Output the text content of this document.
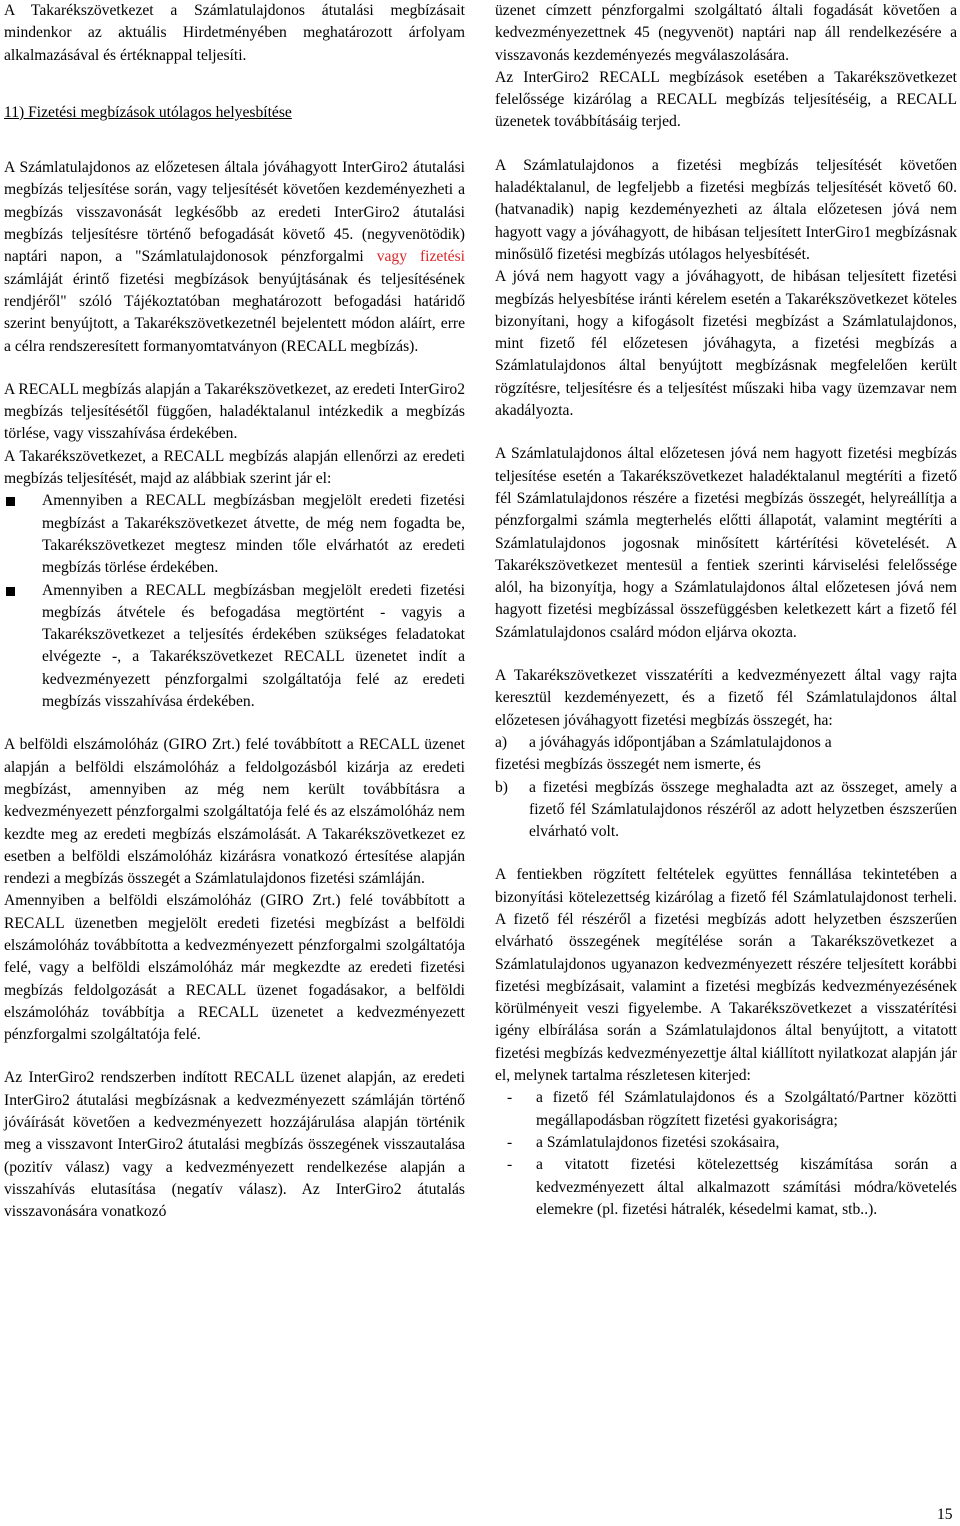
A Takarékszövetkezet a Számlatulajdonos átutalási megbízásait mindenkor az aktuális Hirdetményében meghatározott árfolyam alkalmazásával és értéknappal teljesíti.

11) Fizetési megbízások utólagos helyesbítése

A Számlatulajdonos az előzetesen általa jóváhagyott InterGiro2 átutalási megbízás teljesítése során, vagy teljesítését követően kezdeményezheti a megbízás visszavonását legkésőbb az eredeti InterGiro2 átutalási megbízás teljesítésre történő befogadását követő 45. (negyvenötödik) naptári napon, a "Számlatulajdonosok pénzforgalmi vagy fizetési számláját érintő fizetési megbízások benyújtásának és teljesítésének rendjéről" szóló Tájékoztatóban meghatározott befogadási határidő szerint benyújtott, a Takarékszövetkezetnél bejelentett módon aláírt, erre a célra rendszeresített formanyomtatványon (RECALL megbízás).

A RECALL megbízás alapján a Takarékszövetkezet, az eredeti InterGiro2 megbízás teljesítésétől függően, haladéktalanul intézkedik a megbízás törlése, vagy visszahívása érdekében.

A Takarékszövetkezet, a RECALL megbízás alapján ellenőrzi az eredeti megbízás teljesítését, majd az alábbiak szerint jár el:

Amennyiben a RECALL megbízásban megjelölt eredeti fizetési megbízást a Takarékszövetkezet átvette, de még nem fogadta be, Takarékszövetkezet megtesz minden tőle elvárhatót az eredeti megbízás törlése érdekében.
Amennyiben a RECALL megbízásban megjelölt eredeti fizetési megbízás átvétele és befogadása megtörtént - vagyis a Takarékszövetkezet a teljesítés érdekében szükséges feladatokat elvégezte -, a Takarékszövetkezet RECALL üzenetet indít a kedvezményezett pénzforgalmi szolgáltatója felé az eredeti megbízás visszahívása érdekében.

A belföldi elszámolóház (GIRO Zrt.) felé továbbított a RECALL üzenet alapján a belföldi elszámolóház a feldolgozásból kizárja az eredeti megbízást, amennyiben az még nem került továbbításra a kedvezményezett pénzforgalmi szolgáltatója felé és az elszámolóház nem kezdte meg az eredeti megbízás elszámolását. A Takarékszövetkezet ez esetben a belföldi elszámolóház kizárásra vonatkozó értesítése alapján rendezi a megbízás összegét a Számlatulajdonos fizetési számláján.

Amennyiben a belföldi elszámolóház (GIRO Zrt.) felé továbbított a RECALL üzenetben megjelölt eredeti fizetési megbízást a belföldi elszámolóház továbbította a kedvezményezett pénzforgalmi szolgáltatója felé, vagy a belföldi elszámolóház már megkezdte az eredeti fizetési megbízás feldolgozását a RECALL üzenet fogadásakor, a belföldi elszámolóház továbbítja a RECALL üzenetet a kedvezményezett pénzforgalmi szolgáltatója felé.

Az InterGiro2 rendszerben indított RECALL üzenet alapján, az eredeti InterGiro2 átutalási megbízásnak a kedvezményezett számláján történő jóváírását követően a kedvezményezett hozzájárulása alapján történik meg a visszavont InterGiro2 átutalási megbízás összegének visszautalása (pozitív válasz) vagy a kedvezményezett rendelkezése alapján a visszahívás elutasítása (negatív válasz). Az InterGiro2 átutalás visszavonására vonatkozó

üzenet címzett pénzforgalmi szolgáltató általi fogadását követően a kedvezményezettnek 45 (negyvenöt) naptári nap áll rendelkezésére a visszavonás kezdeményezés megválaszolására.

Az InterGiro2 RECALL megbízások esetében a Takarékszövetkezet felelőssége kizárólag a RECALL megbízás teljesítéséig, a RECALL üzenetek továbbításáig terjed.

A Számlatulajdonos a fizetési megbízás teljesítését követően haladéktalanul, de legfeljebb a fizetési megbízás teljesítését követő 60. (hatvanadik) napig kezdeményezheti az általa előzetesen jóvá nem hagyott vagy a jóváhagyott, de hibásan teljesített InterGiro1 megbízásnak minősülő fizetési megbízás utólagos helyesbítését.

A jóvá nem hagyott vagy a jóváhagyott, de hibásan teljesített fizetési megbízás helyesbítése iránti kérelem esetén a Takarékszövetkezet köteles bizonyítani, hogy a kifogásolt fizetési megbízást a Számlatulajdonos, mint fizető fél előzetesen jóváhagyta, a fizetési megbízás a Számlatulajdonos által benyújtott megbízásnak megfelelően került rögzítésre, teljesítésre és a teljesítést műszaki hiba vagy üzemzavar nem akadályozta.

A Számlatulajdonos által előzetesen jóvá nem hagyott fizetési megbízás teljesítése esetén a Takarékszövetkezet haladéktalanul megtéríti a fizető fél Számlatulajdonos részére a fizetési megbízás összegét, helyreállítja a pénzforgalmi számla megterhelés előtti állapotát, valamint megtéríti a Számlatulajdonos jogosnak minősített kártérítési követelését. A Takarékszövetkezet mentesül a fentiek szerinti kárviselési felelőssége alól, ha bizonyítja, hogy a Számlatulajdonos által előzetesen jóvá nem hagyott fizetési megbízással összefüggésben keletkezett kárt a fizető fél Számlatulajdonos csalárd módon eljárva okozta.

A Takarékszövetkezet visszatéríti a kedvezményezett által vagy rajta keresztül kezdeményezett, és a fizető fél Számlatulajdonos által előzetesen jóváhagyott fizetési megbízás összegét, ha:

a)	a jóváhagyás időpontjában a Számlatulajdonos a

fizetési megbízás összegét nem ismerte, és

b)	a fizetési megbízás összege meghaladta azt az összeget, amely a fizető fél Számlatulajdonos részéről az adott helyzetben észszerűen elvárható volt.

A fentiekben rögzített feltételek együttes fennállása tekintetében a bizonyítási kötelezettség kizárólag a fizető fél Számlatulajdonost terheli. A fizető fél részéről a fizetési megbízás adott helyzetben észszerűen elvárható összegének megítélése során a Takarékszövetkezet a Számlatulajdonos ugyanazon kedvezményezett részére teljesített korábbi fizetési megbízásait, valamint a fizetési megbízás kedvezményezésének körülményeit veszi figyelembe. A Takarékszövetkezet a visszatérítési igény elbírálása során a Számlatulajdonos által benyújtott, a vitatott fizetési megbízás kedvezményezettje által kiállított nyilatkozat alapján jár el, melynek tartalma részletesen kiterjed:

-	a fizető fél Számlatulajdonos és a Szolgáltató/Partner közötti megállapodásban rögzített fizetési gyakoriságra;
-	a Számlatulajdonos fizetési szokásaira,
-	a vitatott fizetési kötelezettség kiszámítása során a kedvezményezett által alkalmazott számítási módra/követelés elemekre (pl. fizetési hátralék, késedelmi kamat, stb..).
15
